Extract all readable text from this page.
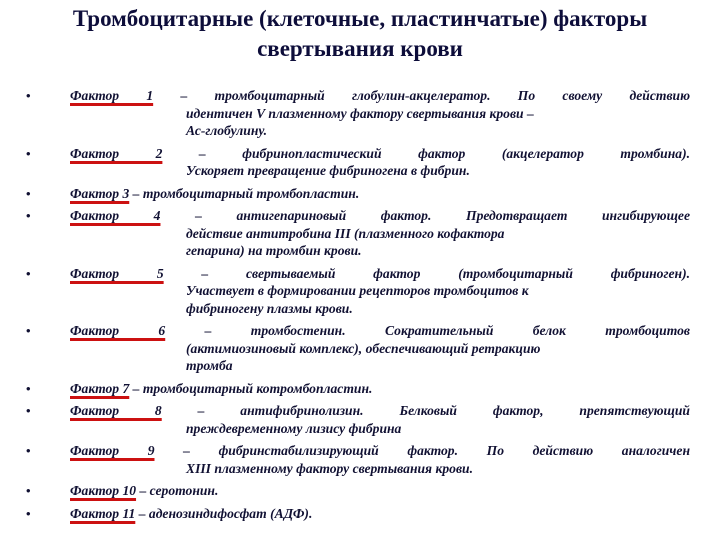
Тромбоцитарные (клеточные, пластинчатые) факторы
свертывания крови
•	Фактор 1 – тромбоцитарный глобулин-акцелератор. По своему действию
идентичен V плазменному фактору свертывания крови –
Ас-глобулину.
•	Фактор 2 – фибринопластический фактор (акцелератор тромбина).
Ускоряет превращение фибриногена в фибрин.
•	Фактор 3 – тромбоцитарный тромбопластин.
•	Фактор 4 – антигепариновый фактор. Предотвращает ингибирующее
действие антитробина III (плазменного кофактора
гепарина) на тромбин крови.
•	Фактор 5 – свертываемый фактор (тромбоцитарный фибриноген).
Участвует в формировании рецепторов тромбоцитов к
фибриногену плазмы крови.
•	Фактор 6 – тромбостенин. Сократительный белок тромбоцитов
(актимиозиновый комплекс), обеспечивающий ретракцию
тромба
•	Фактор 7 – тромбоцитарный котромбопластин.
•	Фактор 8 – антифибринолизин. Белковый фактор, препятствующий
преждевременному лизису фибрина
•	Фактор 9 – фибринстабилизирующий фактор. По действию аналогичен
XIII плазменному фактору свертывания крови.
•	Фактор 10 – серотонин.
•	Фактор 11 – аденозиндифосфат (АДФ).
